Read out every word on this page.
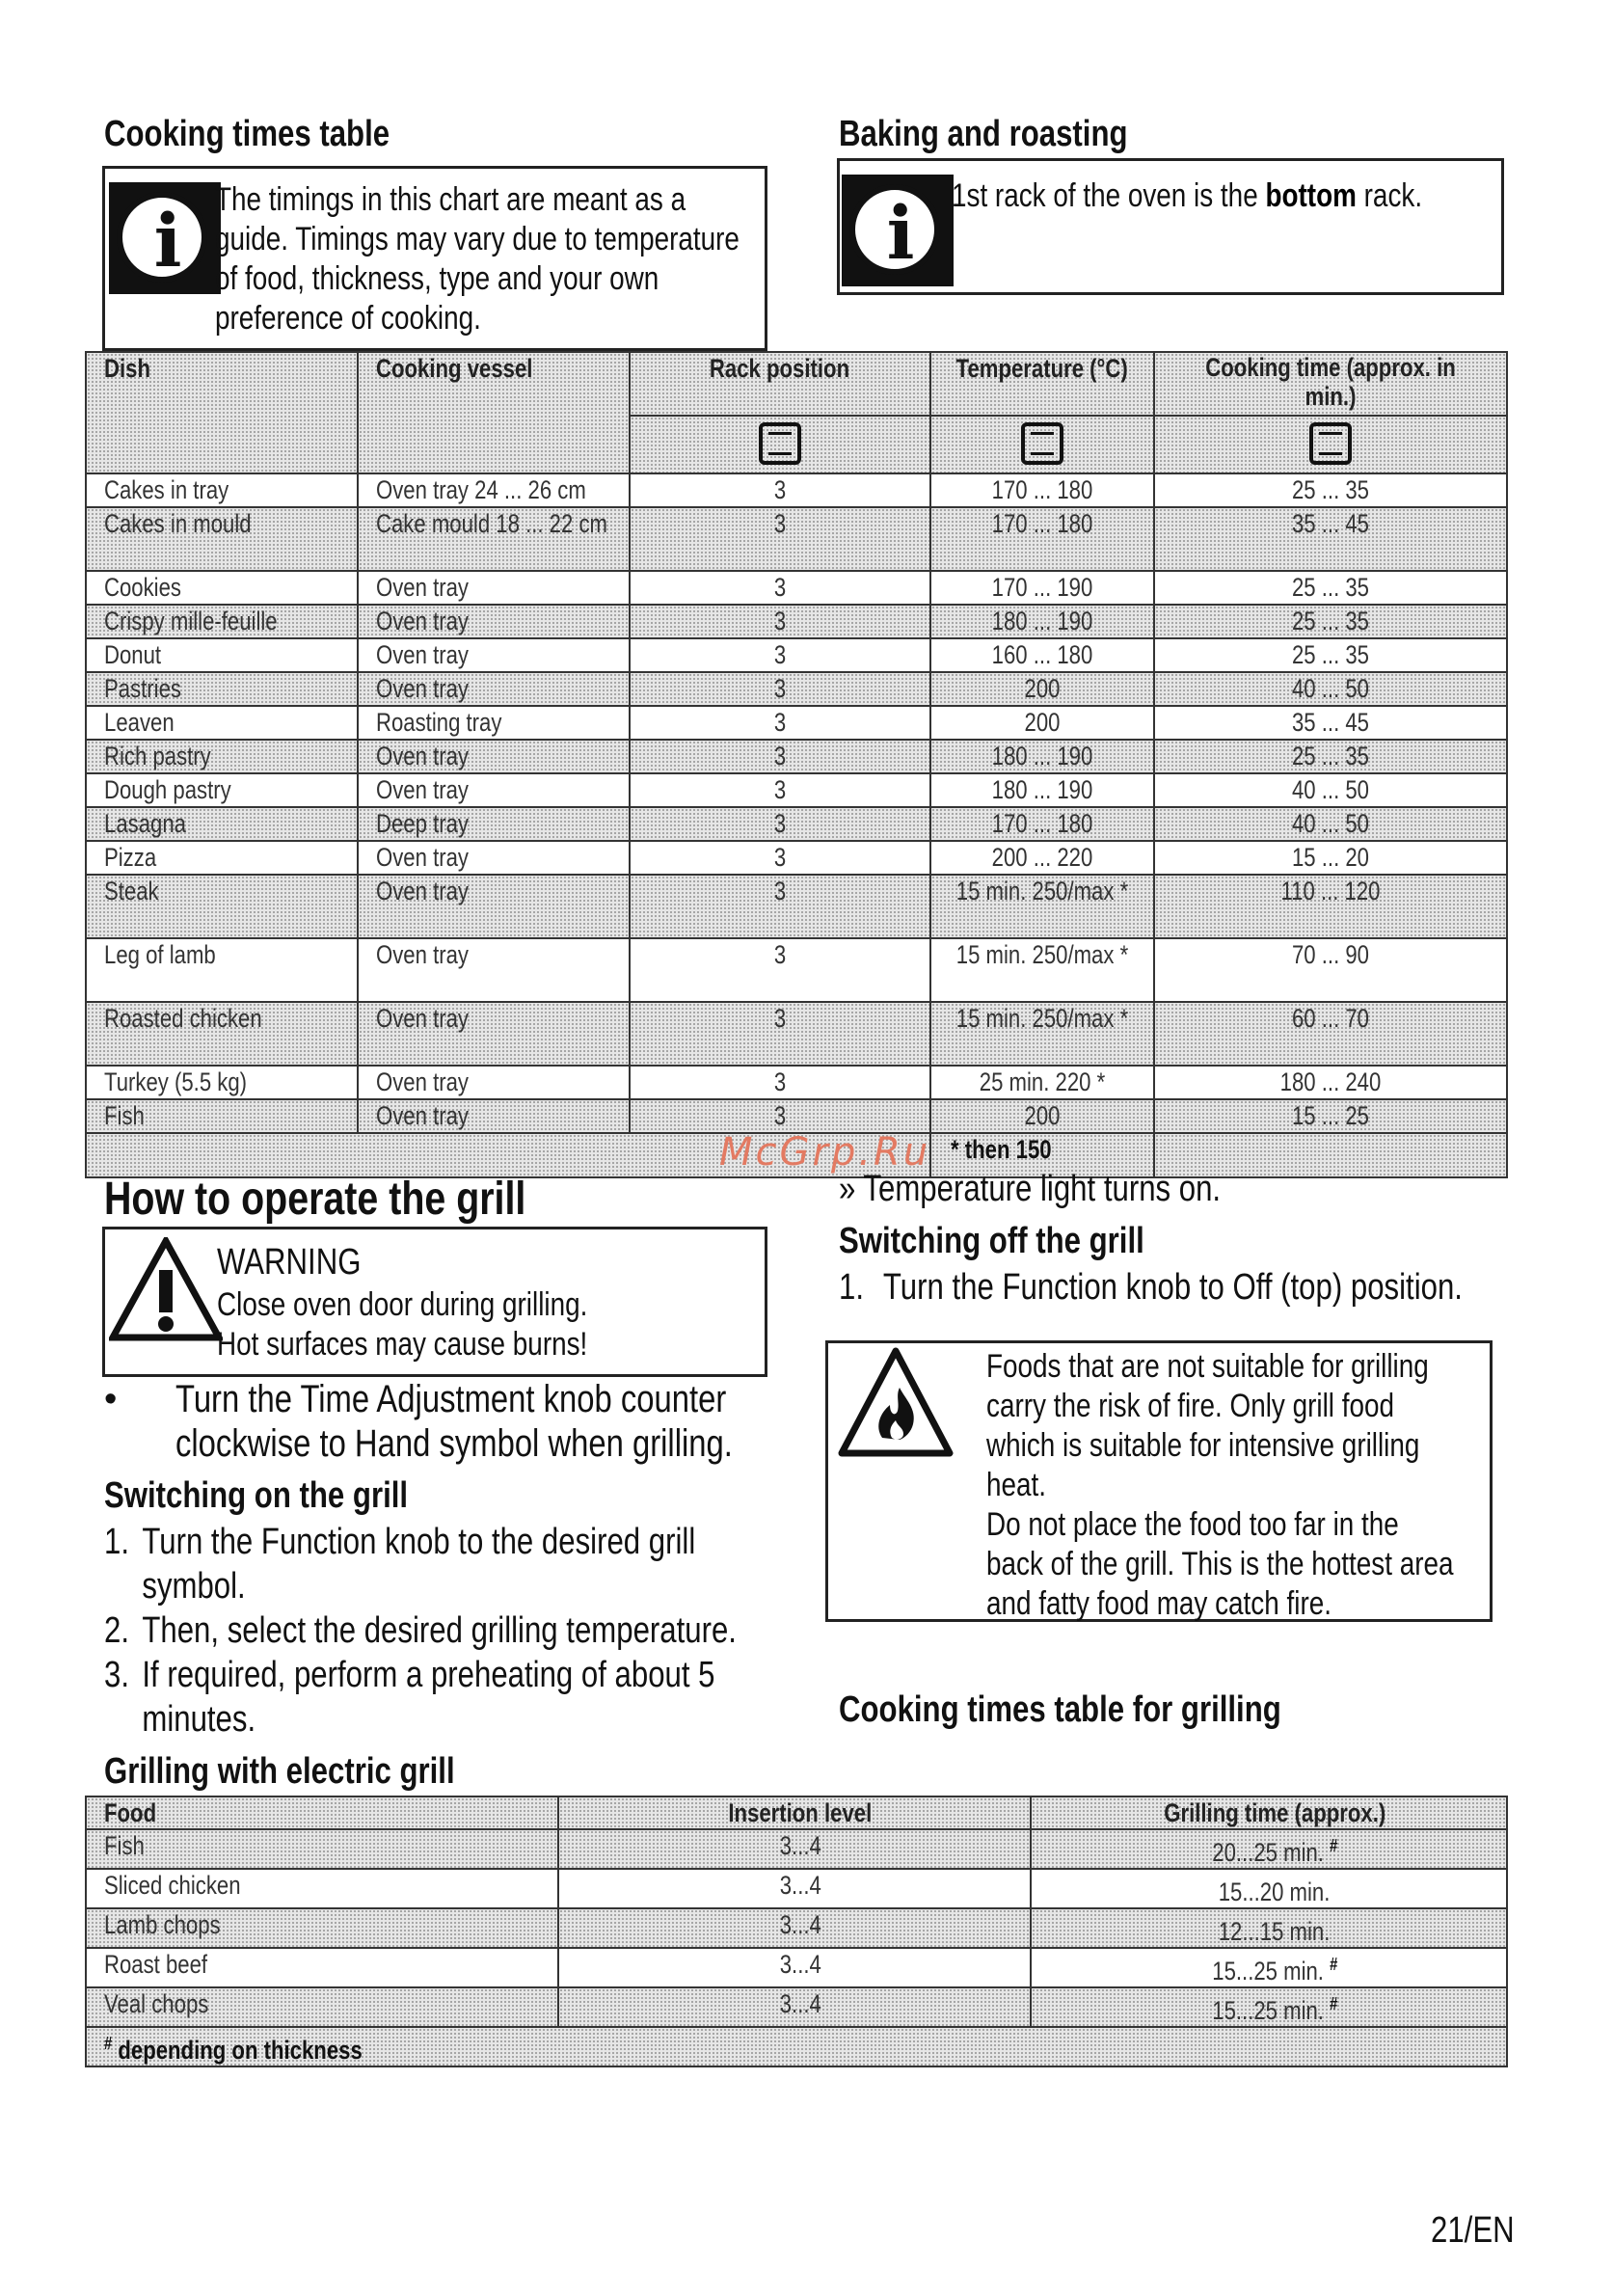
Cooking times table	Baking and roasting
i	The timings in this chart are meant as a
guide. Timings may vary due to temperature
of food, thickness, type and your own
preference of cooking.
i	1st rack of the oven is the bottom rack.
Dish	Cooking vessel	Rack position	Temperature (°C)	Cooking time (approx. in min.)

Cakes in tray	Oven tray 24 ... 26 cm	3	170 ... 180	25 ... 35

Cakes in mould	Cake mould 18 ... 22 cm	3	170 ... 180	35 ... 45

Cookies	Oven tray	3	170 ... 190	25 ... 35

Crispy mille-feuille	Oven tray	3	180 ... 190	25 ... 35

Donut	Oven tray	3	160 ... 180	25 ... 35

Pastries	Oven tray	3	200	40 ... 50

Leaven	Roasting tray	3	200	35 ... 45

Rich pastry	Oven tray	3	180 ... 190	25 ... 35

Dough pastry	Oven tray	3	180 ... 190	40 ... 50

Lasagna	Deep tray	3	170 ... 180	40 ... 50

Pizza	Oven tray	3	200 ... 220	15 ... 20

Steak	Oven tray	3	15 min. 250/max *	110 ... 120

Leg of lamb	Oven tray	3	15 min. 250/max *	70 ... 90

Roasted chicken	Oven tray	3	15 min. 250/max *	60 ... 70

Turkey (5.5 kg)	Oven tray	3	25 min. 220 *	180 ... 240

Fish	Oven tray	3	200	15 ... 25

			* then 150	
McGrp.Ru
How to operate the grill
WARNING
Close oven door during grilling.
Hot surfaces may cause burns!
• Turn the Time Adjustment knob counter
clockwise to Hand symbol when grilling.
Switching on the grill
1. Turn the Function knob to the desired grill
symbol.
2. Then, select the desired grilling temperature.
3. If required, perform a preheating of about 5
minutes.
Grilling with electric grill
» Temperature light turns on.
Switching off the grill
1. Turn the Function knob to Off (top) position.
Foods that are not suitable for grilling
carry the risk of fire. Only grill food
which is suitable for intensive grilling
heat.
Do not place the food too far in the
back of the grill. This is the hottest area
and fatty food may catch fire.
Cooking times table for grilling
Food	Insertion level	Grilling time (approx.)
Fish	3...4	20...25 min. #
Sliced chicken	3...4	15...20 min.
Lamb chops	3...4	12...15 min.
Roast beef	3...4	15...25 min. #
Veal chops	3...4	15...25 min. #
# depending on thickness		
21/EN
